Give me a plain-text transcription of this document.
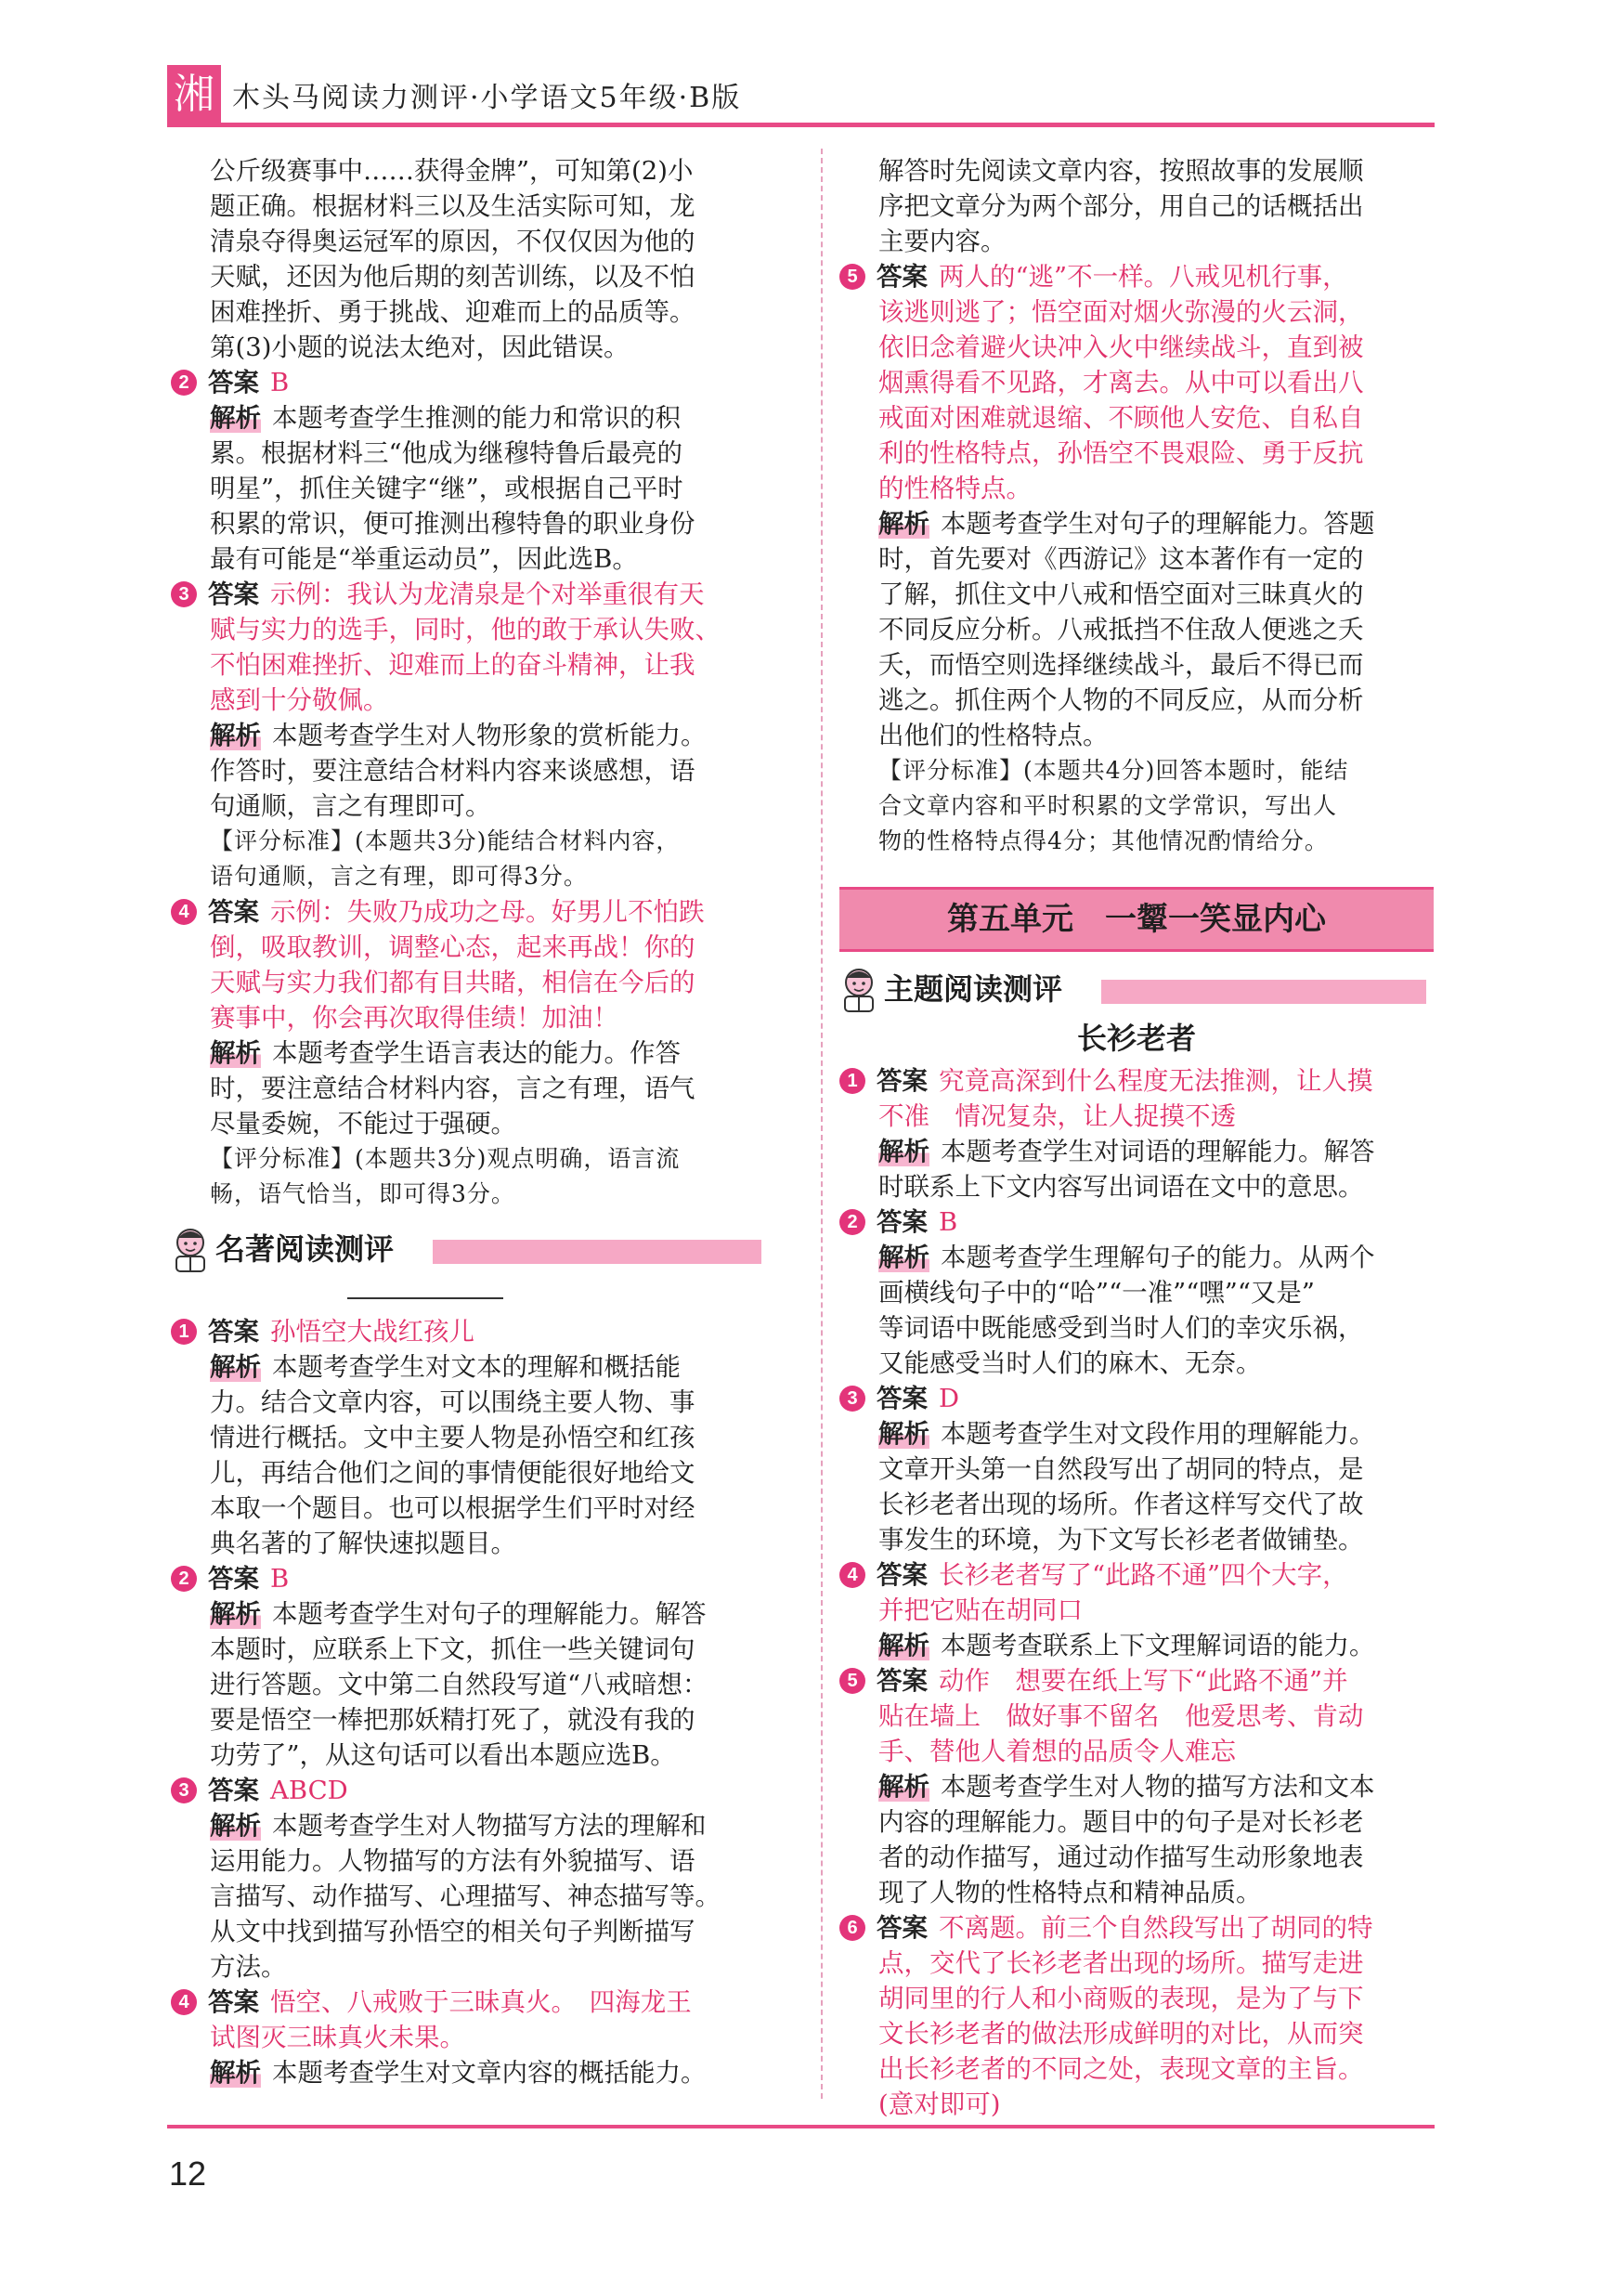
湘 木头马阅读力测评·小学语文5年级·B版
公斤级赛事中……获得金牌”，可知第(2)小
题正确。根据材料三以及生活实际可知，龙
清泉夺得奥运冠军的原因，不仅仅因为他的
天赋，还因为他后期的刻苦训练，以及不怕
困难挫折、勇于挑战、迎难而上的品质等。
第(3)小题的说法太绝对，因此错误。
2 答案 B
解析 本题考查学生推测的能力和常识的积
累。根据材料三“他成为继穆特鲁后最亮的
明星”，抓住关键字“继”，或根据自己平时
积累的常识，便可推测出穆特鲁的职业身份
最有可能是“举重运动员”，因此选B。
3 答案 示例：我认为龙清泉是个对举重很有天
赋与实力的选手，同时，他的敢于承认失败、
不怕困难挫折、迎难而上的奋斗精神，让我
感到十分敬佩。
解析 本题考查学生对人物形象的赏析能力。
作答时，要注意结合材料内容来谈感想，语
句通顺，言之有理即可。
【评分标准】(本题共3分)能结合材料内容，
语句通顺，言之有理，即可得3分。
4 答案 示例：失败乃成功之母。好男儿不怕跌
倒，吸取教训，调整心态，起来再战！你的
天赋与实力我们都有目共睹，相信在今后的
赛事中，你会再次取得佳绩！加油！
解析 本题考查学生语言表达的能力。作答
时，要注意结合材料内容，言之有理，语气
尽量委婉，不能过于强硬。
【评分标准】(本题共3分)观点明确，语言流
畅，语气恰当，即可得3分。
名著阅读测评
1 答案 孙悟空大战红孩儿
解析 本题考查学生对文本的理解和概括能
力。结合文章内容，可以围绕主要人物、事
情进行概括。文中主要人物是孙悟空和红孩
儿，再结合他们之间的事情便能很好地给文
本取一个题目。也可以根据学生们平时对经
典名著的了解快速拟题目。
2 答案 B
解析 本题考查学生对句子的理解能力。解答
本题时，应联系上下文，抓住一些关键词句
进行答题。文中第二自然段写道“八戒暗想：
要是悟空一棒把那妖精打死了，就没有我的
功劳了”，从这句话可以看出本题应选B。
3 答案 ABCD
解析 本题考查学生对人物描写方法的理解和
运用能力。人物描写的方法有外貌描写、语
言描写、动作描写、心理描写、神态描写等。
从文中找到描写孙悟空的相关句子判断描写
方法。
4 答案 悟空、八戒败于三昧真火。　四海龙王
试图灭三昧真火未果。
解析 本题考查学生对文章内容的概括能力。
解答时先阅读文章内容，按照故事的发展顺
序把文章分为两个部分，用自己的话概括出
主要内容。
5 答案 两人的“逃”不一样。八戒见机行事，
该逃则逃了；悟空面对烟火弥漫的火云洞，
依旧念着避火诀冲入火中继续战斗，直到被
烟熏得看不见路，才离去。从中可以看出八
戒面对困难就退缩、不顾他人安危、自私自
利的性格特点，孙悟空不畏艰险、勇于反抗
的性格特点。
解析 本题考查学生对句子的理解能力。答题
时，首先要对《西游记》这本著作有一定的
了解，抓住文中八戒和悟空面对三昧真火的
不同反应分析。八戒抵挡不住敌人便逃之夭
夭，而悟空则选择继续战斗，最后不得已而
逃之。抓住两个人物的不同反应，从而分析
出他们的性格特点。
【评分标准】(本题共4分)回答本题时，能结
合文章内容和平时积累的文学常识，写出人
物的性格特点得4分；其他情况酌情给分。
第五单元　一颦一笑显内心
主题阅读测评
长衫老者
1 答案 究竟高深到什么程度无法推测，让人摸
不准　情况复杂，让人捉摸不透
解析 本题考查学生对词语的理解能力。解答
时联系上下文内容写出词语在文中的意思。
2 答案 B
解析 本题考查学生理解句子的能力。从两个
画横线句子中的“哈”“一准”“嘿”“又是”
等词语中既能感受到当时人们的幸灾乐祸，
又能感受当时人们的麻木、无奈。
3 答案 D
解析 本题考查学生对文段作用的理解能力。
文章开头第一自然段写出了胡同的特点，是
长衫老者出现的场所。作者这样写交代了故
事发生的环境，为下文写长衫老者做铺垫。
4 答案 长衫老者写了“此路不通”四个大字，
并把它贴在胡同口
解析 本题考查联系上下文理解词语的能力。
5 答案 动作　想要在纸上写下“此路不通”并
贴在墙上　做好事不留名　他爱思考、肯动
手、替他人着想的品质令人难忘
解析 本题考查学生对人物的描写方法和文本
内容的理解能力。题目中的句子是对长衫老
者的动作描写，通过动作描写生动形象地表
现了人物的性格特点和精神品质。
6 答案 不离题。前三个自然段写出了胡同的特
点，交代了长衫老者出现的场所。描写走进
胡同里的行人和小商贩的表现，是为了与下
文长衫老者的做法形成鲜明的对比，从而突
出长衫老者的不同之处，表现文章的主旨。
(意对即可)
12
